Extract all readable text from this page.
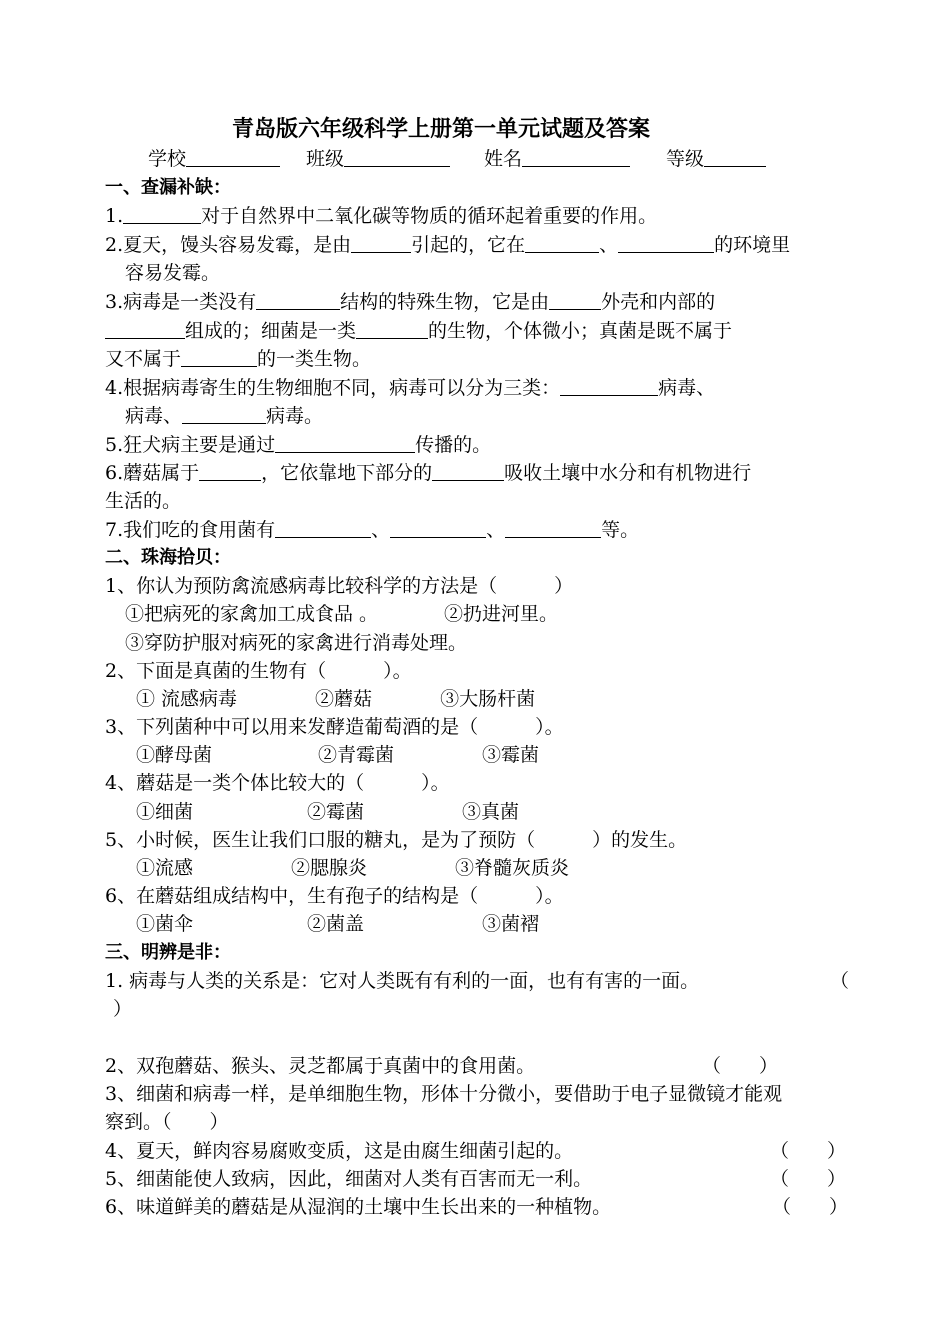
青岛版六年级科学上册第一单元试题及答案
学校	班级	姓名	等级
一、查漏补缺：
1.	对于自然界中二氧化碳等物质的循环起着重要的作用。
2.夏天，馒头容易发霉，是由	引起的，它在	、	的环境里
容易发霉。
3.病毒是一类没有	结构的特殊生物，它是由	外壳和内部的
组成的；细菌是一类	的生物，个体微小；真菌是既不属于
又不属于	的一类生物。
4.根据病毒寄生的生物细胞不同，病毒可以分为三类：	病毒、
病毒、	病毒。
5.狂犬病主要是通过	传播的。
6.蘑菇属于	，它依靠地下部分的	吸收土壤中水分和有机物进行
生活的。
7.我们吃的食用菌有	、	、	等。
二、珠海拾贝：
1、你认为预防禽流感病毒比较科学的方法是（　　　）
①把病死的家禽加工成食品 。	②扔进河里。
③穿防护服对病死的家禽进行消毒处理。
2、下面是真菌的生物有（　　　）。
① 流感病毒	②蘑菇	③大肠杆菌
3、下列菌种中可以用来发酵造葡萄酒的是（　　　）。
①酵母菌	②青霉菌	③霉菌
4、蘑菇是一类个体比较大的（　　　）。
①细菌	②霉菌	③真菌
5、小时候，医生让我们口服的糖丸，是为了预防（　　　）的发生。
①流感	②腮腺炎	③脊髓灰质炎
6、在蘑菇组成结构中，生有孢子的结构是（　　　）。
①菌伞	②菌盖	③菌褶
三、明辨是非：
1. 病毒与人类的关系是：它对人类既有有利的一面，也有有害的一面。	（
）
2、双孢蘑菇、猴头、灵芝都属于真菌中的食用菌。	（　　）
3、细菌和病毒一样，是单细胞生物，形体十分微小，要借助于电子显微镜才能观
察到。（　　）
4、夏天，鲜肉容易腐败变质，这是由腐生细菌引起的。	（　　）
5、细菌能使人致病，因此，细菌对人类有百害而无一利。	（　　）
6、味道鲜美的蘑菇是从湿润的土壤中生长出来的一种植物。	（　　）
